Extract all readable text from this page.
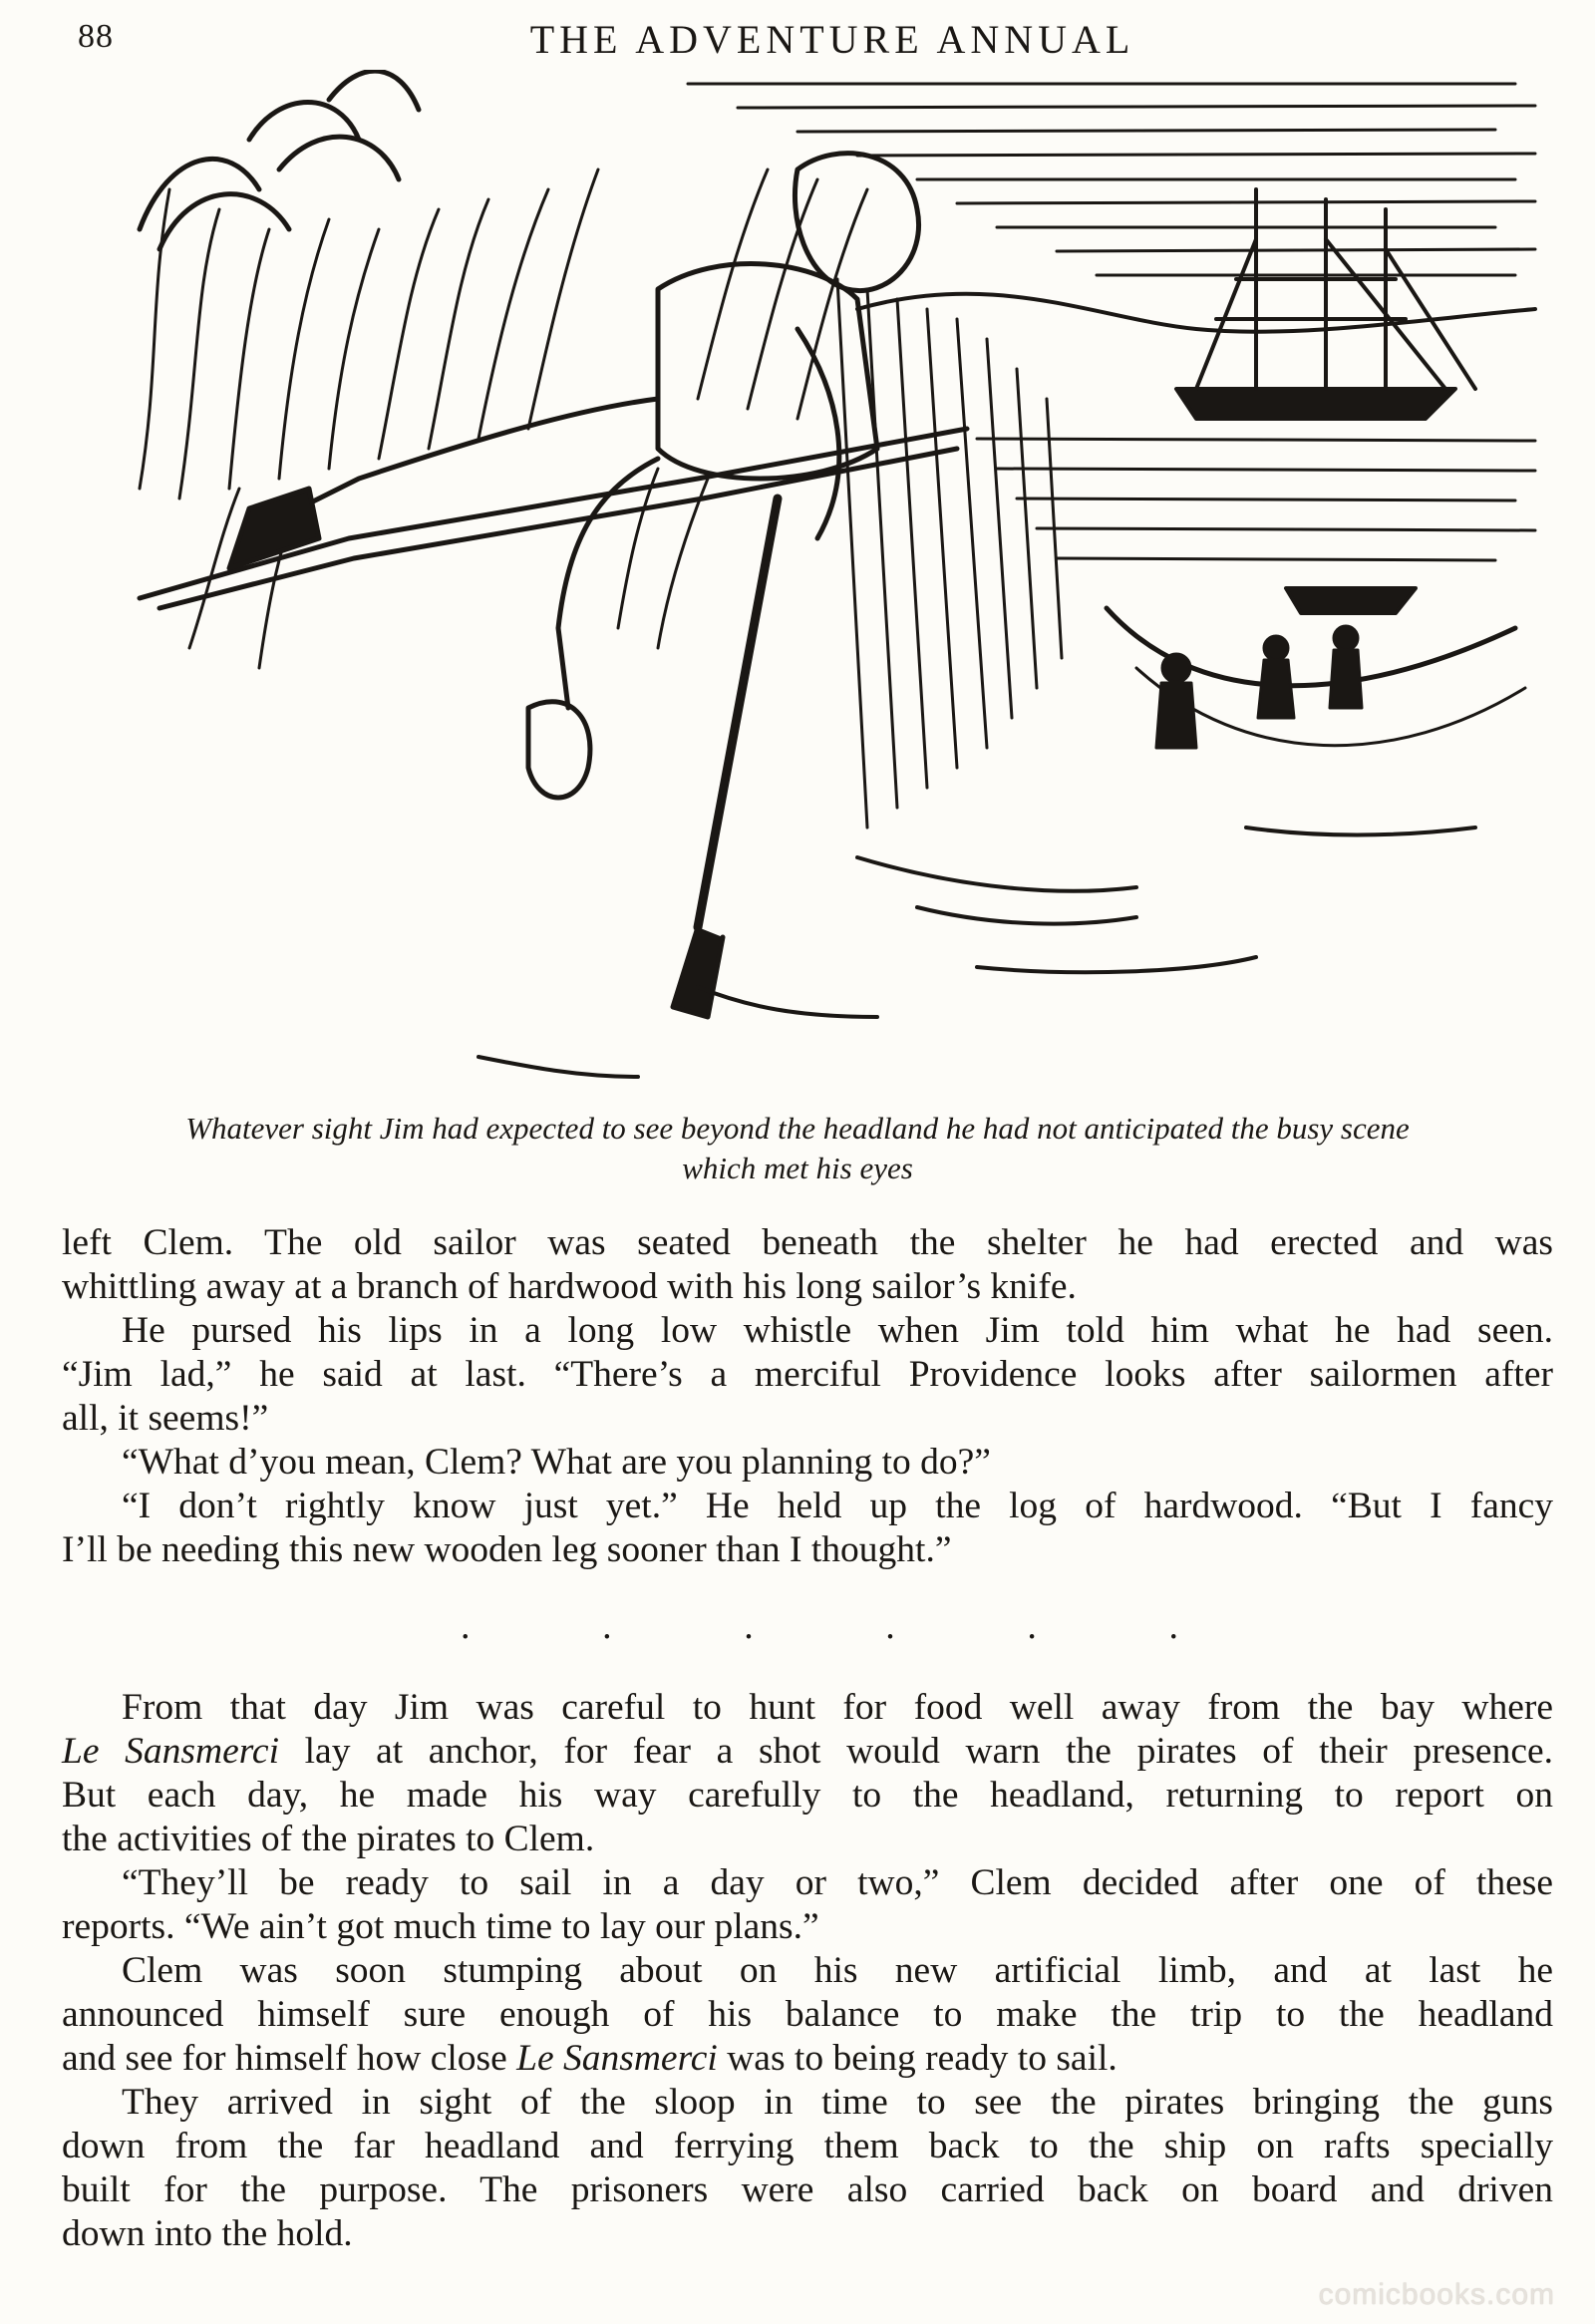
88	THE ADVENTURE ANNUAL
Whatever sight Jim had expected to see beyond the headland he had not anticipated the busy scene
which met his eyes

left Clem. The old sailor was seated beneath the shelter he had erected and was

whittling away at a branch of hardwood with his long sailor’s knife.

He pursed his lips in a long low whistle when Jim told him what he had seen.

“Jim lad,” he said at last. “There’s a merciful Providence looks after sailormen after

all, it seems!”

“What d’you mean, Clem? What are you planning to do?”

“I don’t rightly know just yet.” He held up the log of hardwood. “But I fancy

I’ll be needing this new wooden leg sooner than I thought.”

.	.	.	.	.	.

From that day Jim was careful to hunt for food well away from the bay where

Le Sansmerci lay at anchor, for fear a shot would warn the pirates of their presence.

But each day, he made his way carefully to the headland, returning to report on

the activities of the pirates to Clem.

“They’ll be ready to sail in a day or two,” Clem decided after one of these

reports. “We ain’t got much time to lay our plans.”

Clem was soon stumping about on his new artificial limb, and at last he

announced himself sure enough of his balance to make the trip to the headland

and see for himself how close Le Sansmerci was to being ready to sail.

They arrived in sight of the sloop in time to see the pirates bringing the guns

down from the far headland and ferrying them back to the ship on rafts specially

built for the purpose. The prisoners were also carried back on board and driven

down into the hold.

comicbooks.com
